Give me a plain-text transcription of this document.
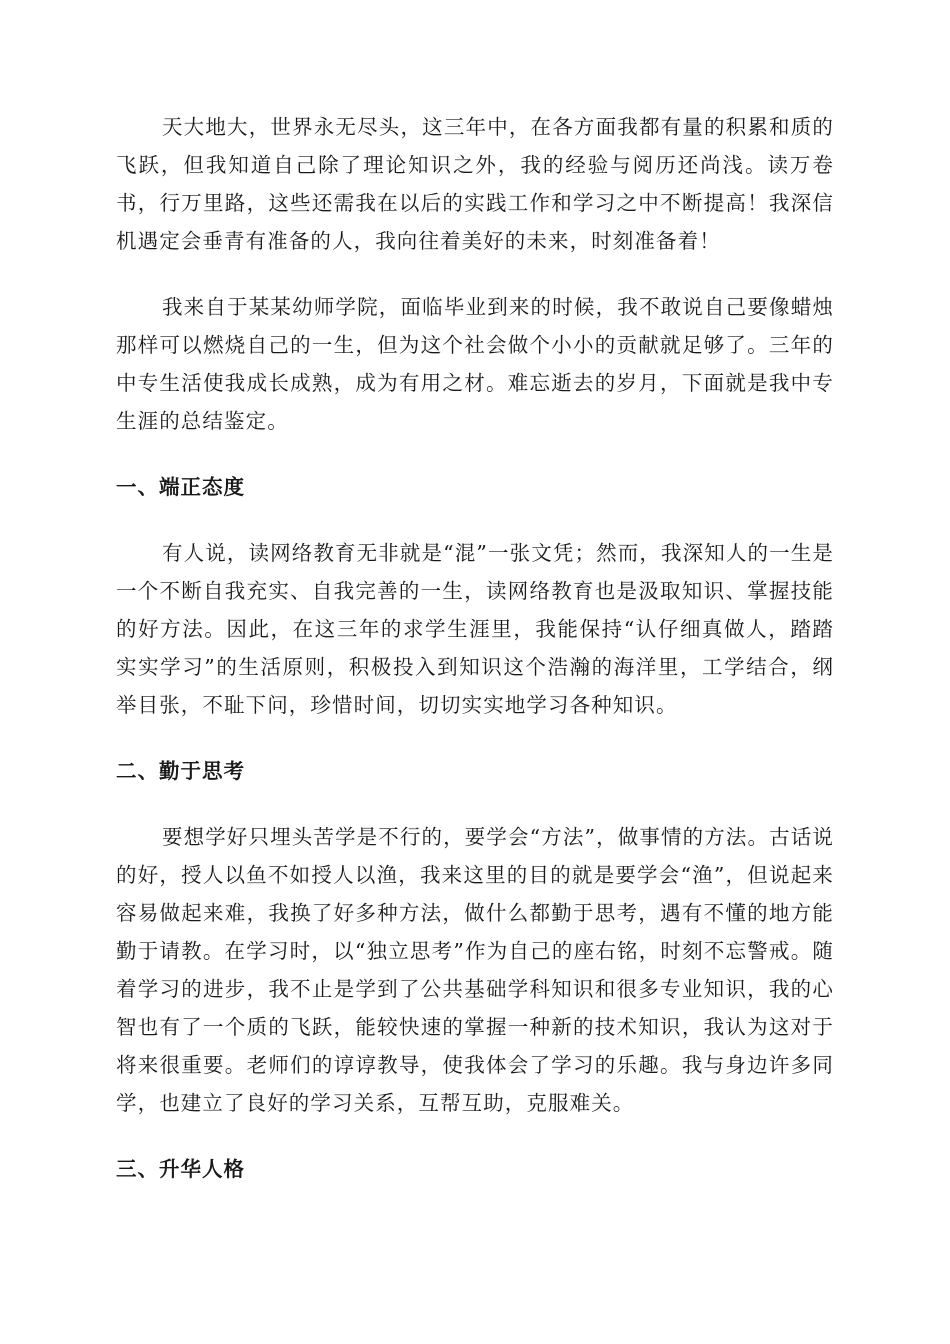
天大地大，世界永无尽头，这三年中，在各方面我都有量的积累和质的飞跃，但我知道自己除了理论知识之外，我的经验与阅历还尚浅。读万卷书，行万里路，这些还需我在以后的实践工作和学习之中不断提高！我深信机遇定会垂青有准备的人，我向往着美好的未来，时刻准备着！

我来自于某某幼师学院，面临毕业到来的时候，我不敢说自己要像蜡烛那样可以燃烧自己的一生，但为这个社会做个小小的贡献就足够了。三年的中专生活使我成长成熟，成为有用之材。难忘逝去的岁月，下面就是我中专生涯的总结鉴定。

一、端正态度

有人说，读网络教育无非就是“混”一张文凭；然而，我深知人的一生是一个不断自我充实、自我完善的一生，读网络教育也是汲取知识、掌握技能的好方法。因此，在这三年的求学生涯里，我能保持“认仔细真做人，踏踏实实学习”的生活原则，积极投入到知识这个浩瀚的海洋里，工学结合，纲举目张，不耻下问，珍惜时间，切切实实地学习各种知识。

二、勤于思考

要想学好只埋头苦学是不行的，要学会“方法”，做事情的方法。古话说的好，授人以鱼不如授人以渔，我来这里的目的就是要学会“渔”，但说起来容易做起来难，我换了好多种方法，做什么都勤于思考，遇有不懂的地方能勤于请教。在学习时，以“独立思考”作为自己的座右铭，时刻不忘警戒。随着学习的进步，我不止是学到了公共基础学科知识和很多专业知识，我的心智也有了一个质的飞跃，能较快速的掌握一种新的技术知识，我认为这对于将来很重要。老师们的谆谆教导，使我体会了学习的乐趣。我与身边许多同学，也建立了良好的学习关系，互帮互助，克服难关。

三、升华人格
